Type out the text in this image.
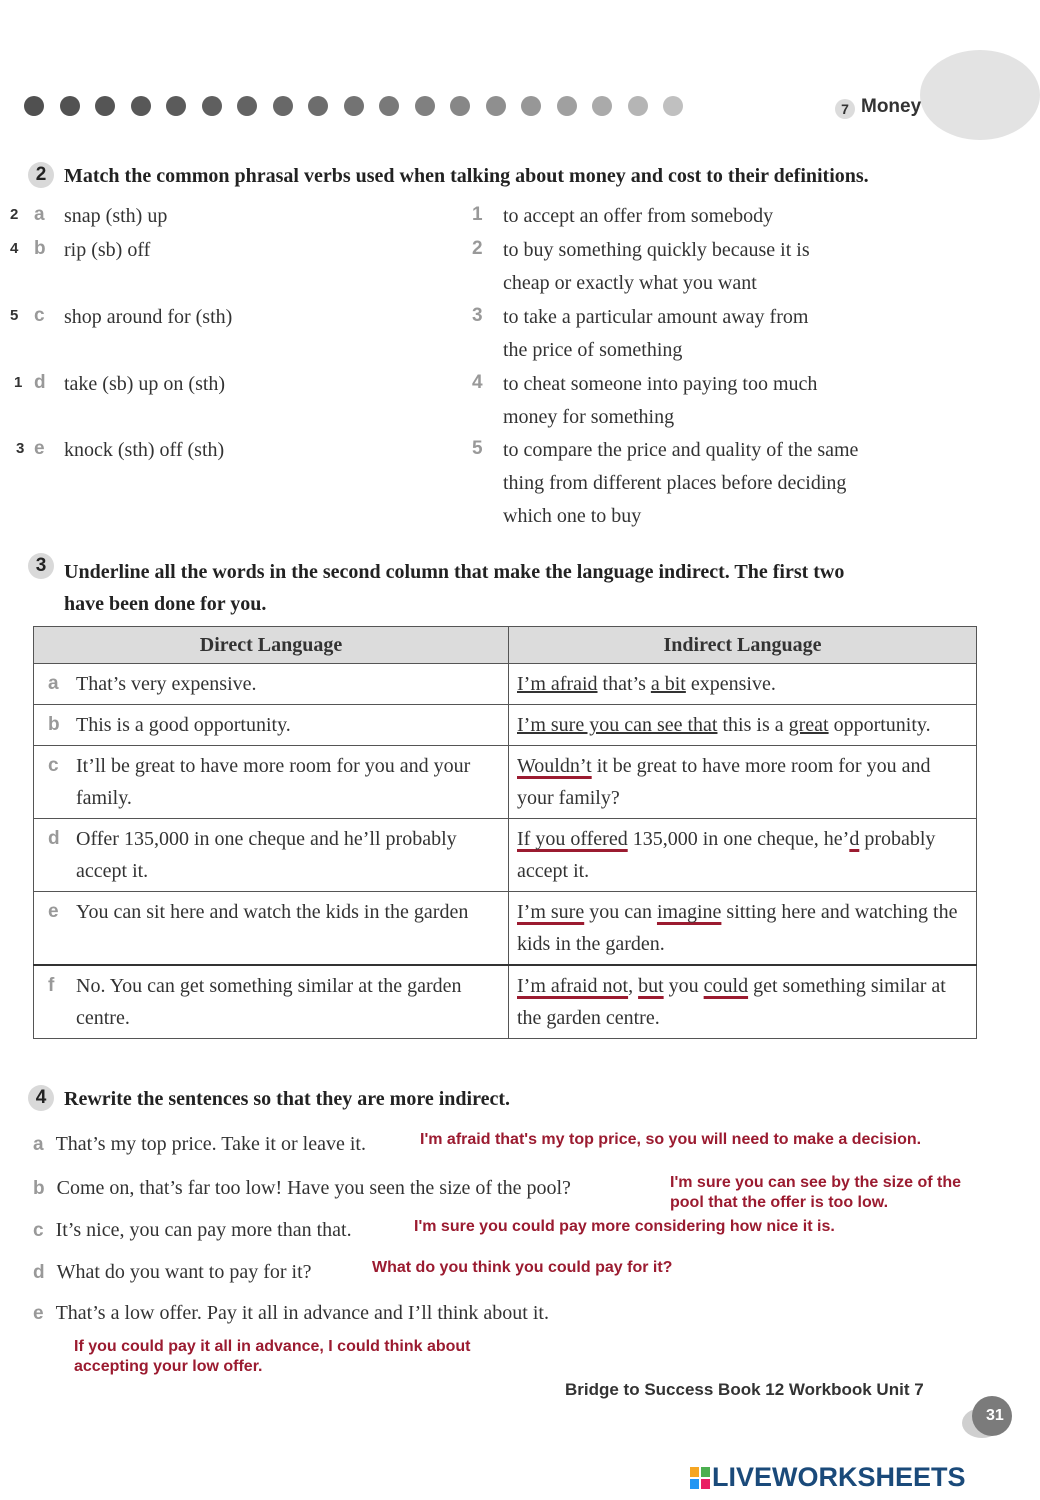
7 Money
2 Match the common phrasal verbs used when talking about money and cost to their definitions.
2 a snap (sth) up
4 b rip (sb) off
5 c shop around for (sth)
1 d take (sb) up on (sth)
3 e knock (sth) off (sth)
1 to accept an offer from somebody
2 to buy something quickly because it is
cheap or exactly what you want
3 to take a particular amount away from
the price of something
4 to cheat someone into paying too much
money for something
5 to compare the price and quality of the same
thing from different places before deciding
which one to buy
3 Underline all the words in the second column that make the language indirect. The first two
have been done for you.
Direct Language	Indirect Language

a That’s very expensive.	I’m afraid that’s a bit expensive.

b This is a good opportunity.	I’m sure you can see that this is a great opportunity.

c It’ll be great to have more room for you and your family.	Wouldn’t it be great to have more room for you and your family?

d Offer 135,000 in one cheque and he’ll probably accept it.	If you offered 135,000 in one cheque, he’d probably accept it.

e You can sit here and watch the kids in the garden	I’m sure you can imagine sitting here and watching the kids in the garden.

f No. You can get something similar at the garden centre.	I’m afraid not, but you could get something similar at the garden centre.
4 Rewrite the sentences so that they are more indirect.
a That’s my top price. Take it or leave it.	I'm afraid that's my top price, so you will need to make a decision.
b Come on, that’s far too low! Have you seen the size of the pool?	I'm sure you can see by the size of the
pool that the offer is too low.
c It’s nice, you can pay more than that.	I'm sure you could pay more considering how nice it is.
d What do you want to pay for it?	What do you think you could pay for it?
e That’s a low offer. Pay it all in advance and I’ll think about it.
If you could pay it all in advance, I could think about
accepting your low offer.
Bridge to Success Book 12 Workbook Unit 7
31
LIVEWORKSHEETS
